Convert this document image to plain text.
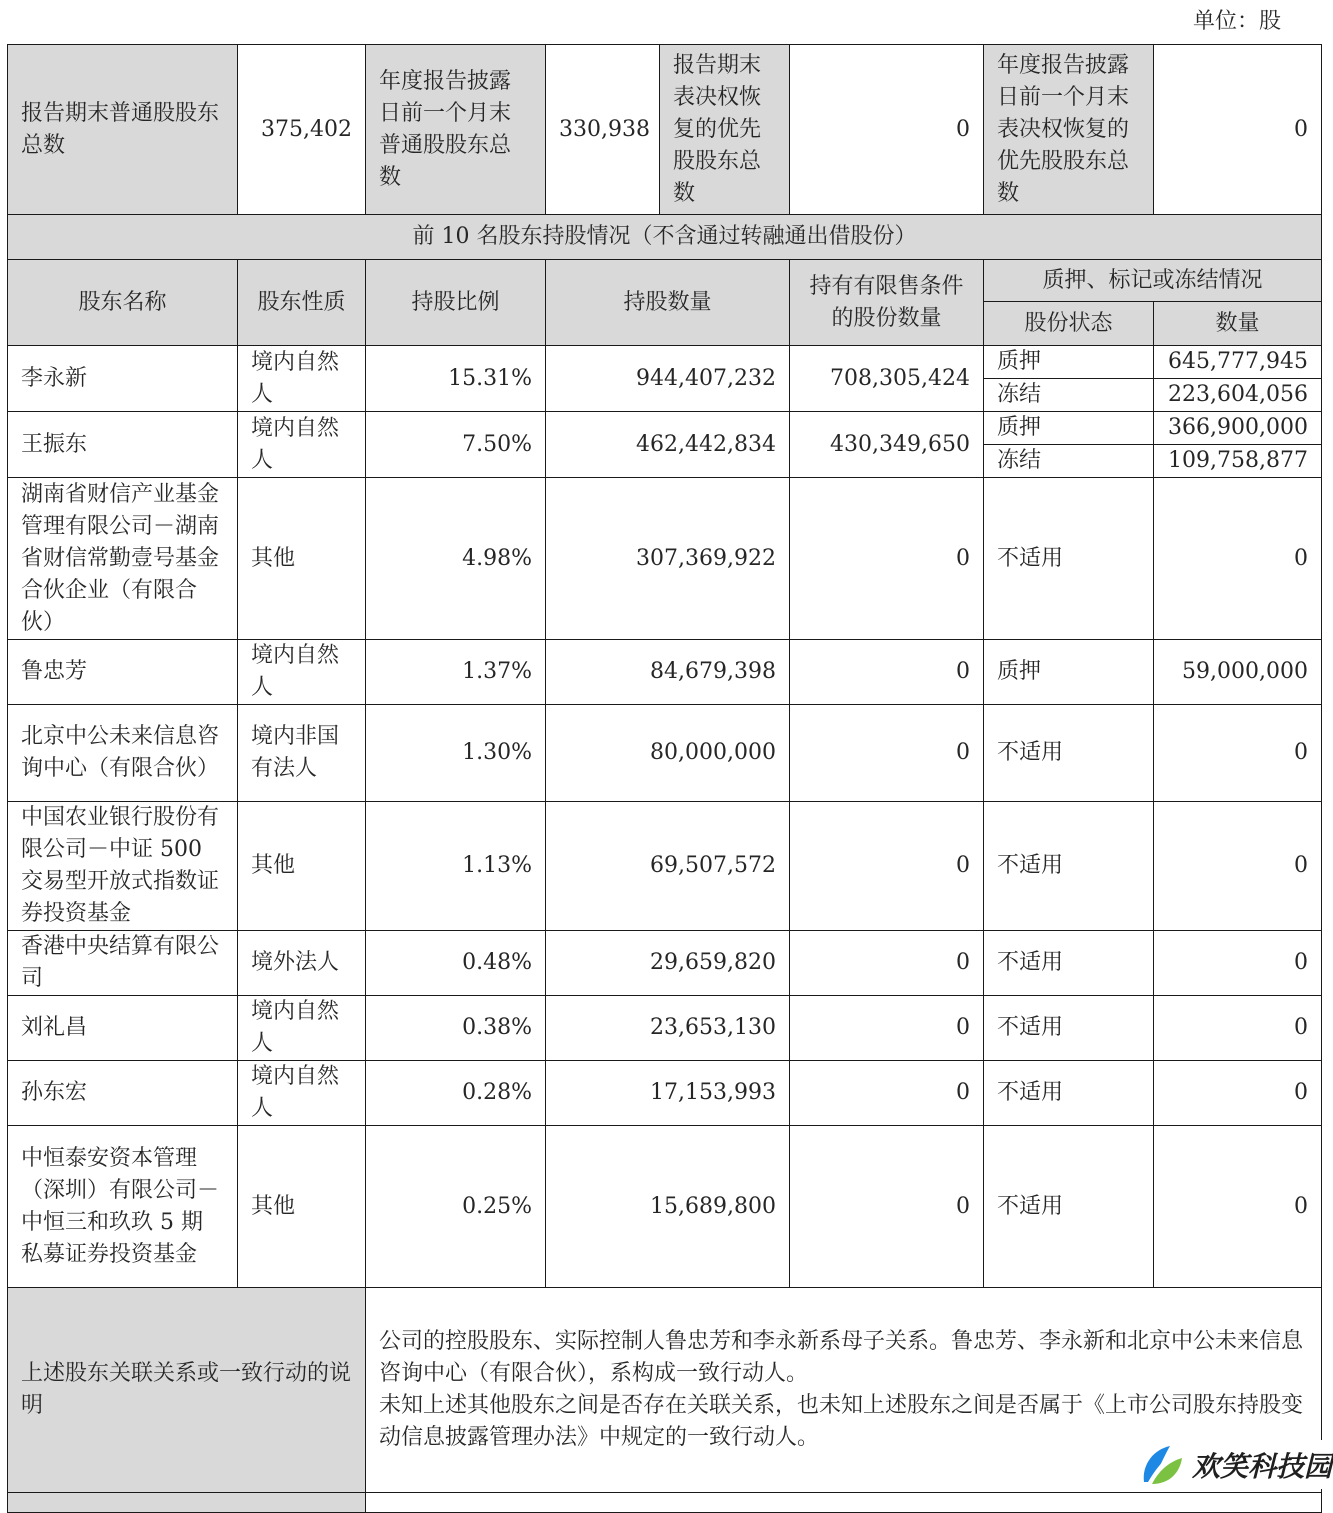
单位：股
报告期末普通股股东总数	375,402	年度报告披露日前一个月末普通股股东总数	330,938	报告期末表决权恢复的优先股股东总数	0	年度报告披露日前一个月末表决权恢复的优先股股东总数	0
前 10 名股东持股情况（不含通过转融通出借股份）							
股东名称	股东性质	持股比例	持股数量		持有有限售条件的股份数量	质押、标记或冻结情况	
						股份状态	数量
李永新	境内自然人	15.31%	944,407,232		708,305,424	质押	645,777,945
						冻结	223,604,056
王振东	境内自然人	7.50%	462,442,834		430,349,650	质押	366,900,000
						冻结	109,758,877
湖南省财信产业基金管理有限公司－湖南省财信常勤壹号基金合伙企业（有限合伙）	其他	4.98%	307,369,922		0	不适用	0
鲁忠芳	境内自然人	1.37%	84,679,398		0	质押	59,000,000
北京中公未来信息咨询中心（有限合伙）	境内非国有法人	1.30%	80,000,000		0	不适用	0
中国农业银行股份有限公司－中证 500 交易型开放式指数证券投资基金	其他	1.13%	69,507,572		0	不适用	0
香港中央结算有限公司	境外法人	0.48%	29,659,820		0	不适用	0
刘礼昌	境内自然人	0.38%	23,653,130		0	不适用	0
孙东宏	境内自然人	0.28%	17,153,993		0	不适用	0
中恒泰安资本管理（深圳）有限公司－中恒三和玖玖 5 期私募证券投资基金	其他	0.25%	15,689,800		0	不适用	0
上述股东关联关系或一致行动的说明		公司的控股股东、实际控制人鲁忠芳和李永新系母子关系。鲁忠芳、李永新和北京中公未来信息咨询中心（有限合伙），系构成一致行动人。
未知上述其他股东之间是否存在关联关系，也未知上述股东之间是否属于《上市公司股东持股变动信息披露管理办法》中规定的一致行动人。					

欢笑科技园
